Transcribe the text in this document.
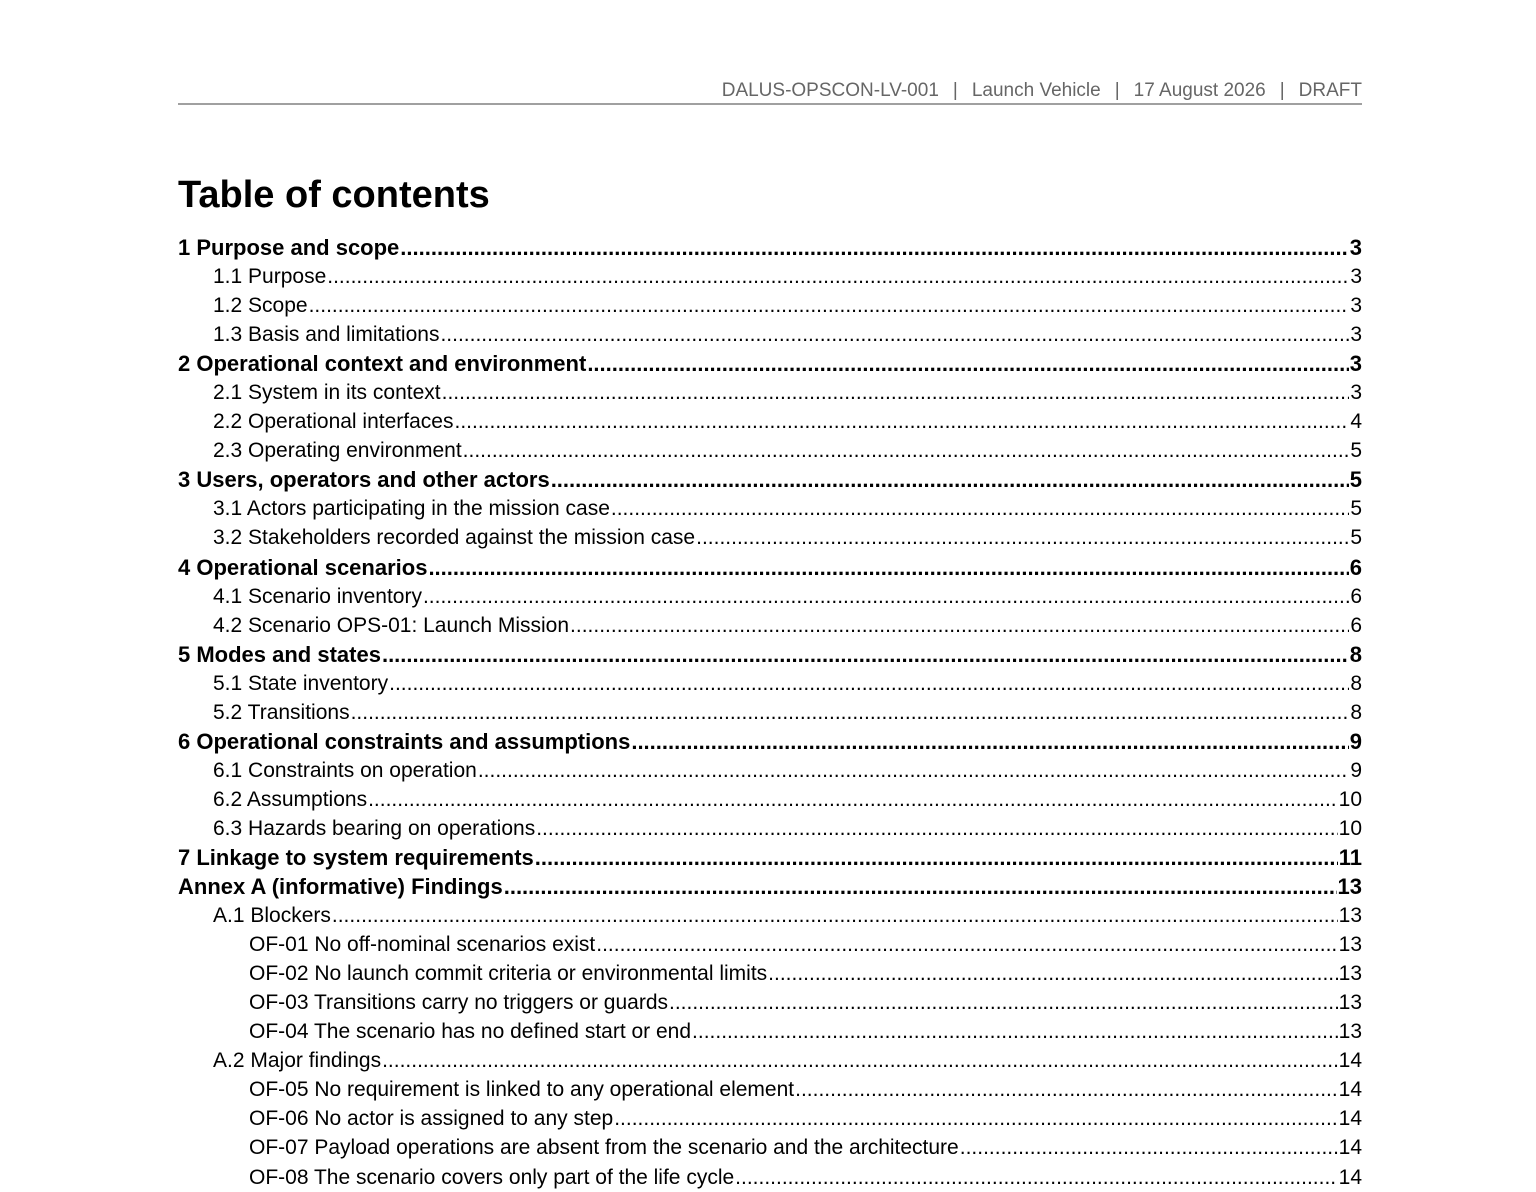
DALUS-OPSCON-LV-001 | Launch Vehicle | 17 August 2026 | DRAFT
Table of contents
1 Purpose and scope .....	3
1.1 Purpose .....	3
1.2 Scope .....	3
1.3 Basis and limitations .....	3
2 Operational context and environment .....	3
2.1 System in its context .....	3
2.2 Operational interfaces .....	4
2.3 Operating environment .....	5
3 Users, operators and other actors .....	5
3.1 Actors participating in the mission case .....	5
3.2 Stakeholders recorded against the mission case .....	5
4 Operational scenarios .....	6
4.1 Scenario inventory .....	6
4.2 Scenario OPS-01: Launch Mission .....	6
5 Modes and states .....	8
5.1 State inventory .....	8
5.2 Transitions .....	8
6 Operational constraints and assumptions .....	9
6.1 Constraints on operation .....	9
6.2 Assumptions .....	10
6.3 Hazards bearing on operations .....	10
7 Linkage to system requirements .....	11
Annex A (informative) Findings .....	13
A.1 Blockers .....	13
OF-01 No off-nominal scenarios exist .....	13
OF-02 No launch commit criteria or environmental limits .....	13
OF-03 Transitions carry no triggers or guards .....	13
OF-04 The scenario has no defined start or end .....	13
A.2 Major findings .....	14
OF-05 No requirement is linked to any operational element .....	14
OF-06 No actor is assigned to any step .....	14
OF-07 Payload operations are absent from the scenario and the architecture .....	14
OF-08 The scenario covers only part of the life cycle .....	14
